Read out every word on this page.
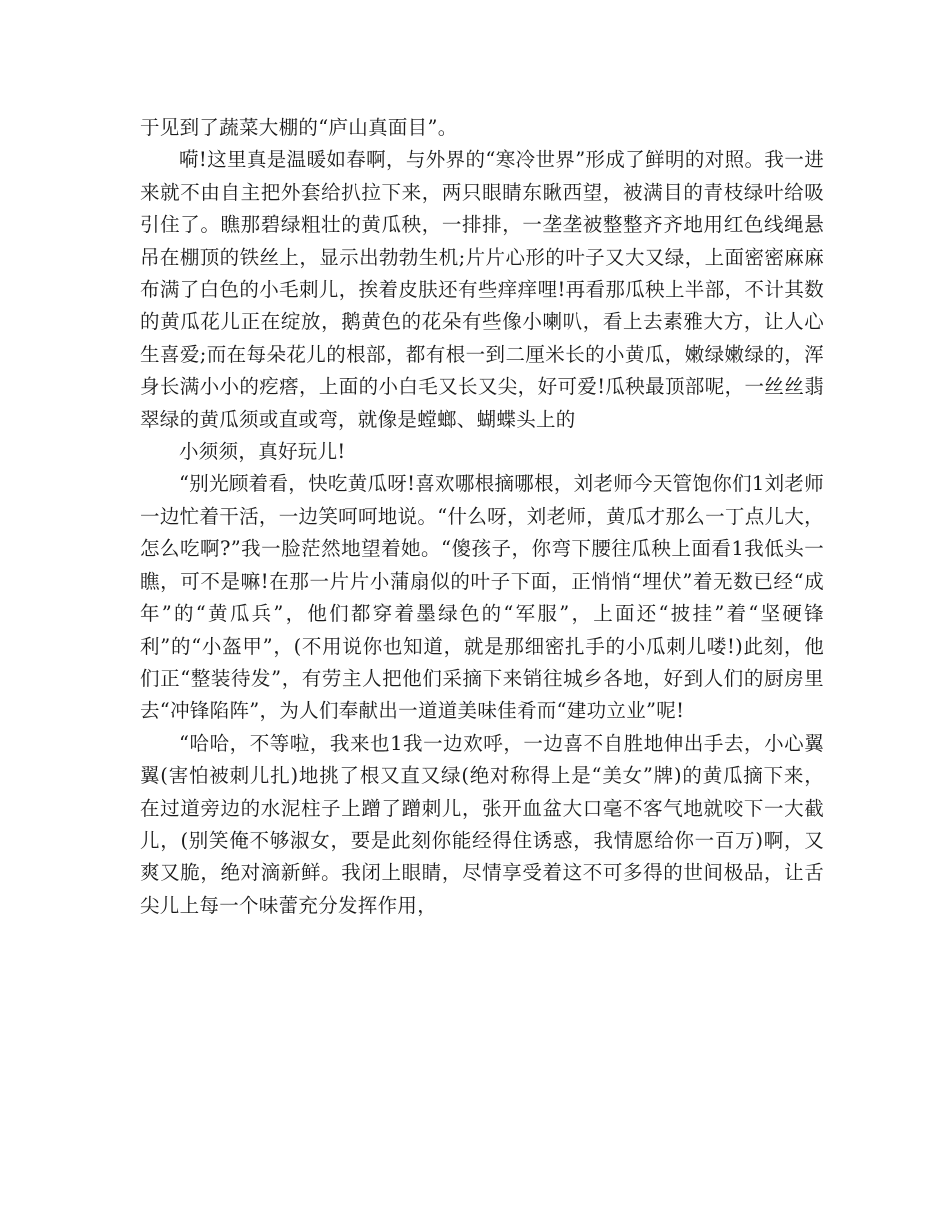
于见到了蔬菜大棚的“庐山真面目”。

嗬!这里真是温暖如春啊，与外界的“寒冷世界”形成了鲜明的对照。我一进来就不由自主把外套给扒拉下来，两只眼睛东瞅西望，被满目的青枝绿叶给吸引住了。瞧那碧绿粗壮的黄瓜秧，一排排，一垄垄被整整齐齐地用红色线绳悬吊在棚顶的铁丝上，显示出勃勃生机;片片心形的叶子又大又绿，上面密密麻麻布满了白色的小毛刺儿，挨着皮肤还有些痒痒哩!再看那瓜秧上半部，不计其数的黄瓜花儿正在绽放，鹅黄色的花朵有些像小喇叭，看上去素雅大方，让人心生喜爱;而在每朵花儿的根部，都有根一到二厘米长的小黄瓜，嫩绿嫩绿的，浑身长满小小的疙瘩，上面的小白毛又长又尖，好可爱!瓜秧最顶部呢，一丝丝翡翠绿的黄瓜须或直或弯，就像是螳螂、蝴蝶头上的

小须须，真好玩儿!

“别光顾着看，快吃黄瓜呀!喜欢哪根摘哪根，刘老师今天管饱你们1刘老师一边忙着干活，一边笑呵呵地说。“什么呀，刘老师，黄瓜才那么一丁点儿大，怎么吃啊?”我一脸茫然地望着她。“傻孩子，你弯下腰往瓜秧上面看1我低头一瞧，可不是嘛!在那一片片小蒲扇似的叶子下面，正悄悄“埋伏”着无数已经“成年”的“黄瓜兵”，他们都穿着墨绿色的“军服”，上面还“披挂”着“坚硬锋利”的“小盔甲”，(不用说你也知道，就是那细密扎手的小瓜刺儿喽!)此刻，他们正“整装待发”，有劳主人把他们采摘下来销往城乡各地，好到人们的厨房里去“冲锋陷阵”，为人们奉献出一道道美味佳肴而“建功立业”呢!

“哈哈，不等啦，我来也1我一边欢呼，一边喜不自胜地伸出手去，小心翼翼(害怕被刺儿扎)地挑了根又直又绿(绝对称得上是“美女”牌)的黄瓜摘下来，在过道旁边的水泥柱子上蹭了蹭刺儿，张开血盆大口毫不客气地就咬下一大截儿，(别笑俺不够淑女，要是此刻你能经得住诱惑，我情愿给你一百万)啊，又爽又脆，绝对滴新鲜。我闭上眼睛，尽情享受着这不可多得的世间极品，让舌尖儿上每一个味蕾充分发挥作用，
